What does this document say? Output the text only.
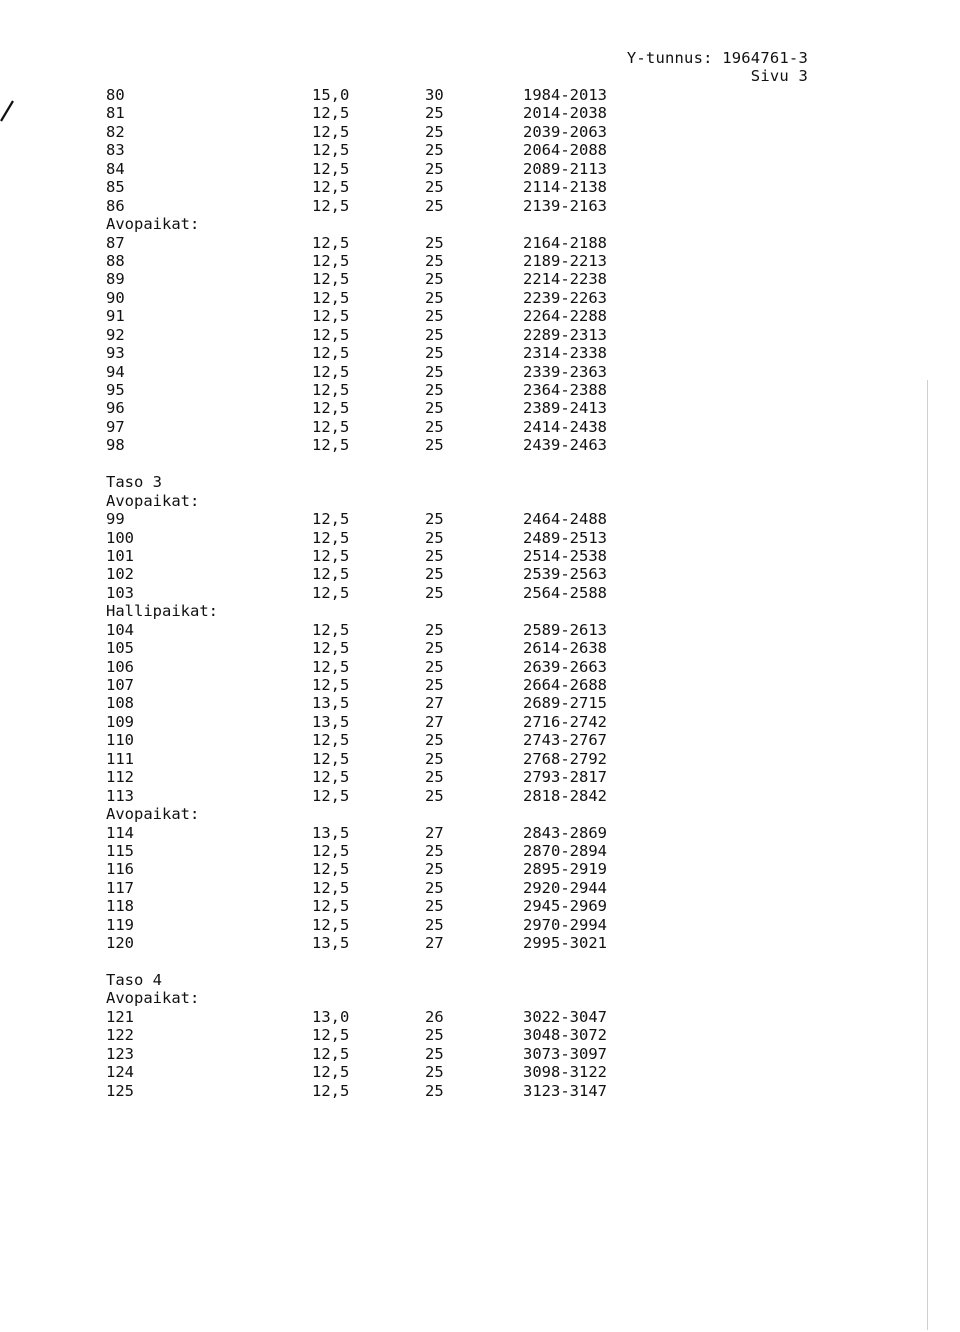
Y-tunnus: 1964761-3
Sivu 3
80	15,0	30	1984-2013
81	12,5	25	2014-2038
82	12,5	25	2039-2063
83	12,5	25	2064-2088
84	12,5	25	2089-2113
85	12,5	25	2114-2138
86	12,5	25	2139-2163
Avopaikat:
87	12,5	25	2164-2188
88	12,5	25	2189-2213
89	12,5	25	2214-2238
90	12,5	25	2239-2263
91	12,5	25	2264-2288
92	12,5	25	2289-2313
93	12,5	25	2314-2338
94	12,5	25	2339-2363
95	12,5	25	2364-2388
96	12,5	25	2389-2413
97	12,5	25	2414-2438
98	12,5	25	2439-2463
Taso 3
Avopaikat:
99	12,5	25	2464-2488
100	12,5	25	2489-2513
101	12,5	25	2514-2538
102	12,5	25	2539-2563
103	12,5	25	2564-2588
Hallipaikat:
104	12,5	25	2589-2613
105	12,5	25	2614-2638
106	12,5	25	2639-2663
107	12,5	25	2664-2688
108	13,5	27	2689-2715
109	13,5	27	2716-2742
110	12,5	25	2743-2767
111	12,5	25	2768-2792
112	12,5	25	2793-2817
113	12,5	25	2818-2842
Avopaikat:
114	13,5	27	2843-2869
115	12,5	25	2870-2894
116	12,5	25	2895-2919
117	12,5	25	2920-2944
118	12,5	25	2945-2969
119	12,5	25	2970-2994
120	13,5	27	2995-3021
Taso 4
Avopaikat:
121	13,0	26	3022-3047
122	12,5	25	3048-3072
123	12,5	25	3073-3097
124	12,5	25	3098-3122
125	12,5	25	3123-3147
